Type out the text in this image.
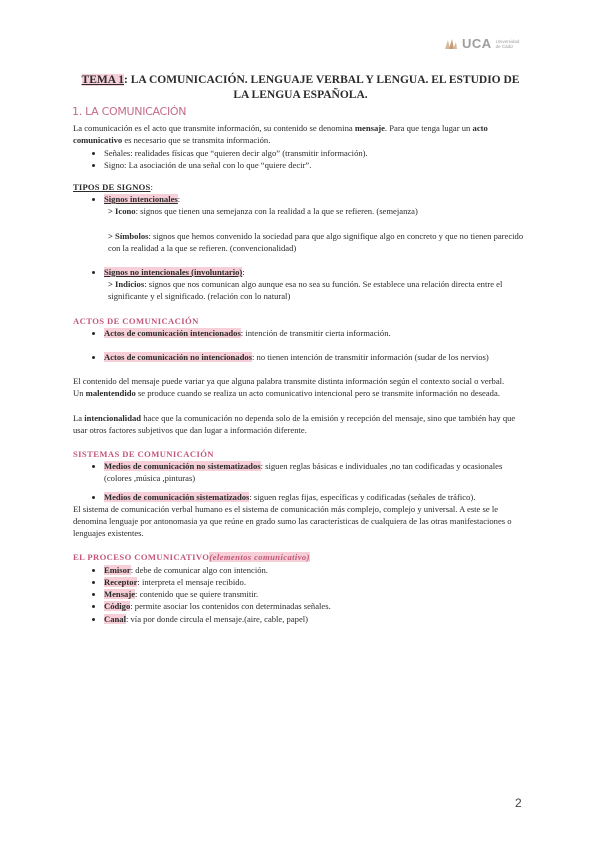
UCA Universidad de Cádiz
TEMA 1: LA COMUNICACIÓN. LENGUAJE VERBAL Y LENGUA. EL ESTUDIO DE LA LENGUA ESPAÑOLA.
1. LA COMUNICACIÓN

La comunicación es el acto que transmite información, su contenido se denomina mensaje. Para que tenga lugar un acto comunicativo es necesario que se transmita información.

• Señales: realidades físicas que “quieren decir algo” (transmitir información).
• Signo: La asociación de una señal con lo que “quiere decir”.

TIPOS DE SIGNOS:

• Signos intencionales:

> Icono: signos que tienen una semejanza con la realidad a la que se refieren. (semejanza)

> Símbolos: signos que hemos convenido la sociedad para que algo signifique algo en concreto y que no tienen parecido con la realidad a la que se refieren. (convencionalidad)

• Signos no intencionales (involuntario):

> Indicios: signos que nos comunican algo aunque esa no sea su función. Se establece una relación directa entre el significante y el significado. (relación con lo natural)

ACTOS DE COMUNICACIÓN

• Actos de comunicación intencionados: intención de transmitir cierta información.
• Actos de comunicación no intencionados: no tienen intención de transmitir información (sudar de los nervios)

El contenido del mensaje puede variar ya que alguna palabra transmite distinta información según el contexto social o verbal.

Un malentendido se produce cuando se realiza un acto comunicativo intencional pero se transmite información no deseada.

La intencionalidad hace que la comunicación no dependa solo de la emisión y recepción del mensaje, sino que también hay que usar otros factores subjetivos que dan lugar a información diferente.

SISTEMAS DE COMUNICACIÓN

• Medios de comunicación no sistematizados: siguen reglas básicas e individuales ,no tan codificadas y ocasionales (colores ,música ,pinturas)
• Medios de comunicación sistematizados: siguen reglas fijas, específicas y codificadas (señales de tráfico).

El sistema de comunicación verbal humano es el sistema de comunicación más complejo, complejo y universal. A este se le denomina lenguaje por antonomasia ya que reúne en grado sumo las características de cualquiera de las otras manifestaciones o lenguajes existentes.

EL PROCESO COMUNICATIVO(elementos comunicativo)

• Emisor: debe de comunicar algo con intención.
• Receptor: interpreta el mensaje recibido.
• Mensaje: contenido que se quiere transmitir.
• Código: permite asociar los contenidos con determinadas señales.
• Canal: vía por donde circula el mensaje.(aire, cable, papel)
2
